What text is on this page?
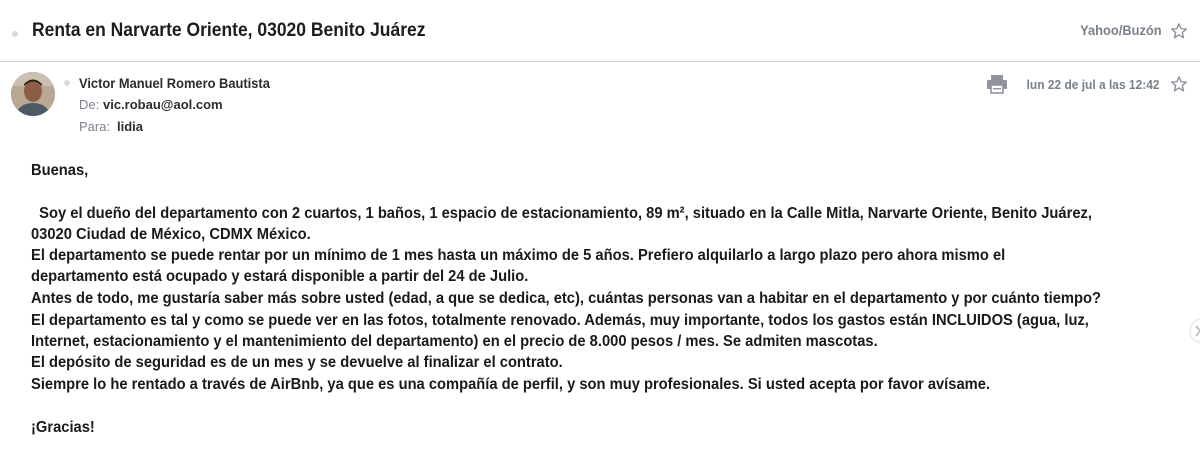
Renta en Narvarte Oriente, 03020 Benito Juárez	Yahoo/Buzón
Victor Manuel Romero Bautista
De: vic.robau@aol.com
Para: lidia
lun 22 de jul a las 12:42
Buenas,
Soy el dueño del departamento con 2 cuartos, 1 baños, 1 espacio de estacionamiento, 89 m², situado en la Calle Mitla, Narvarte Oriente, Benito Juárez,
03020 Ciudad de México, CDMX México.
El departamento se puede rentar por un mínimo de 1 mes hasta un máximo de 5 años. Prefiero alquilarlo a largo plazo pero ahora mismo el
departamento está ocupado y estará disponible a partir del 24 de Julio.
Antes de todo, me gustaría saber más sobre usted (edad, a que se dedica, etc), cuántas personas van a habitar en el departamento y por cuánto tiempo?
El departamento es tal y como se puede ver en las fotos, totalmente renovado. Además, muy importante, todos los gastos están INCLUIDOS (agua, luz,
Internet, estacionamiento y el mantenimiento del departamento) en el precio de 8.000 pesos / mes. Se admiten mascotas.
El depósito de seguridad es de un mes y se devuelve al finalizar el contrato.
Siempre lo he rentado a través de AirBnb, ya que es una compañía de perfil, y son muy profesionales. Si usted acepta por favor avísame.
¡Gracias!
